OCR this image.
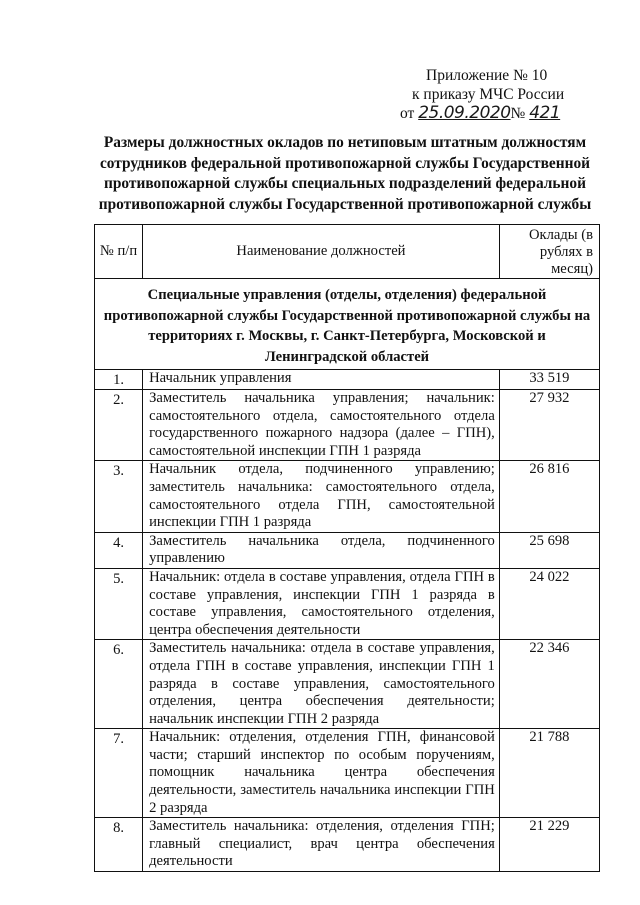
Приложение № 10
к приказу МЧС России
от 25.09.2020№ 421
Размеры должностных окладов по нетиповым штатным должностям сотрудников федеральной противопожарной службы Государственной противопожарной службы специальных подразделений федеральной противопожарной службы Государственной противопожарной службы
№ п/п	Наименование должностей	Оклады (в рублях в месяц)
Специальные управления (отделы, отделения) федеральной противопожарной службы Государственной противопожарной службы на территориях г. Москвы, г. Санкт-Петербурга, Московской и Ленинградской областей		
1.	Начальник управления	33 519
2.	Заместитель начальника управления; начальник: самостоятельного отдела, самостоятельного отдела государственного пожарного надзора (далее – ГПН), самостоятельной инспекции ГПН 1 разряда	27 932
3.	Начальник отдела, подчиненного управлению; заместитель начальника: самостоятельного отдела, самостоятельного отдела ГПН, самостоятельной инспекции ГПН 1 разряда	26 816
4.	Заместитель начальника отдела, подчиненного управлению	25 698
5.	Начальник: отдела в составе управления, отдела ГПН в составе управления, инспекции ГПН 1 разряда в составе управления, самостоятельного отделения, центра обеспечения деятельности	24 022
6.	Заместитель начальника: отдела в составе управления, отдела ГПН в составе управления, инспекции ГПН 1 разряда в составе управления, самостоятельного отделения, центра обеспечения деятельности; начальник инспекции ГПН 2 разряда	22 346
7.	Начальник: отделения, отделения ГПН, финансовой части; старший инспектор по особым поручениям, помощник начальника центра обеспечения деятельности, заместитель начальника инспекции ГПН 2 разряда	21 788
8.	Заместитель начальника: отделения, отделения ГПН; главный специалист, врач центра обеспечения деятельности	21 229
